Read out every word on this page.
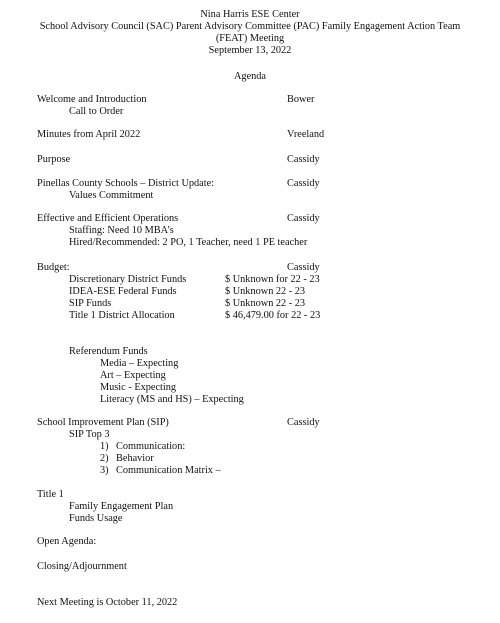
Nina Harris ESE Center
School Advisory Council (SAC) Parent Advisory Committee (PAC) Family Engagement Action Team
(FEAT) Meeting
September 13, 2022
Agenda
Welcome and Introduction	Bower
Call to Order
Minutes from April 2022	Vreeland
Purpose	Cassidy
Pinellas County Schools – District Update:	Cassidy
Values Commitment
Effective and Efficient Operations	Cassidy
Staffing: Need 10 MBA’s
Hired/Recommended: 2 PO, 1 Teacher, need 1 PE teacher
Budget:	Cassidy
Discretionary District Funds	$ Unknown for 22 - 23
IDEA-ESE Federal Funds	$ Unknown 22 - 23
SIP Funds	$ Unknown 22 - 23
Title 1 District Allocation	$ 46,479.00 for 22 - 23
Referendum Funds
Media – Expecting
Art – Expecting
Music - Expecting
Literacy (MS and HS) – Expecting
School Improvement Plan (SIP)	Cassidy
SIP Top 3
1) Communication:
2) Behavior
3) Communication Matrix –
Title 1
Family Engagement Plan
Funds Usage
Open Agenda:
Closing/Adjournment
Next Meeting is October 11, 2022
